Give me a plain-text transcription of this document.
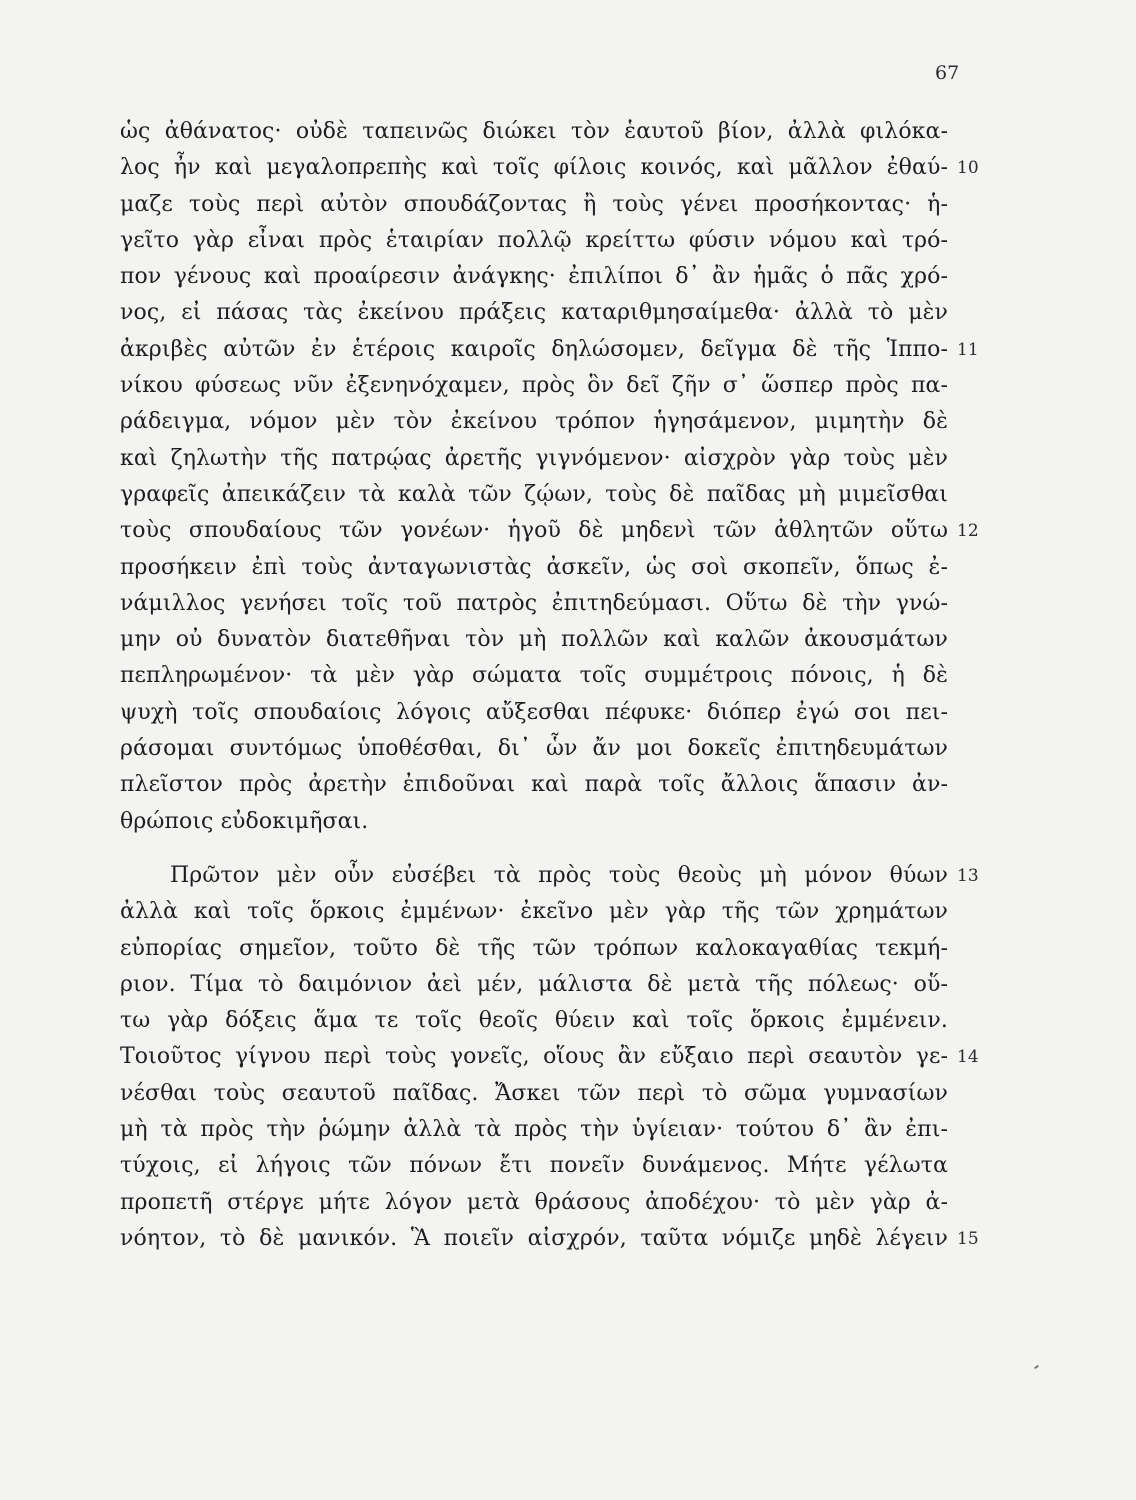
67
ὡς ἀθάνατος· οὐδὲ ταπεινῶς διώκει τὸν ἑαυτοῦ βίον, ἀλλὰ φιλόκα-
λος ἦν καὶ μεγαλοπρεπὴς καὶ τοῖς φίλοις κοινός, καὶ μᾶλλον ἐθαύ- 10
μαζε τοὺς περὶ αὐτὸν σπουδάζοντας ἢ τοὺς γένει προσήκοντας· ἡ-
γεῖτο γὰρ εἶναι πρὸς ἑταιρίαν πολλῷ κρείττω φύσιν νόμου καὶ τρό-
πον γένους καὶ προαίρεσιν ἀνάγκης· ἐπιλίποι δ᾽ ἂν ἡμᾶς ὁ πᾶς χρό-
νος, εἰ πάσας τὰς ἐκείνου πράξεις καταριθμησαίμεθα· ἀλλὰ τὸ μὲν
ἀκριβὲς αὐτῶν ἐν ἑτέροις καιροῖς δηλώσομεν, δεῖγμα δὲ τῆς Ἱππο- 11
νίκου φύσεως νῦν ἐξενηνόχαμεν, πρὸς ὃν δεῖ ζῆν σ᾽ ὥσπερ πρὸς πα-
ράδειγμα, νόμον μὲν τὸν ἐκείνου τρόπον ἡγησάμενον, μιμητὴν δὲ
καὶ ζηλωτὴν τῆς πατρῴας ἀρετῆς γιγνόμενον· αἰσχρὸν γὰρ τοὺς μὲν
γραφεῖς ἀπεικάζειν τὰ καλὰ τῶν ζῴων, τοὺς δὲ παῖδας μὴ μιμεῖσθαι
τοὺς σπουδαίους τῶν γονέων· ἡγοῦ δὲ μηδενὶ τῶν ἀθλητῶν οὕτω 12
προσήκειν ἐπὶ τοὺς ἀνταγωνιστὰς ἀσκεῖν, ὡς σοὶ σκοπεῖν, ὅπως ἐ-
νάμιλλος γενήσει τοῖς τοῦ πατρὸς ἐπιτηδεύμασι. Οὕτω δὲ τὴν γνώ-
μην οὐ δυνατὸν διατεθῆναι τὸν μὴ πολλῶν καὶ καλῶν ἀκουσμάτων
πεπληρωμένον· τὰ μὲν γὰρ σώματα τοῖς συμμέτροις πόνοις, ἡ δὲ
ψυχὴ τοῖς σπουδαίοις λόγοις αὔξεσθαι πέφυκε· διόπερ ἐγώ σοι πει-
ράσομαι συντόμως ὑποθέσθαι, δι᾽ ὧν ἄν μοι δοκεῖς ἐπιτηδευμάτων
πλεῖστον πρὸς ἀρετὴν ἐπιδοῦναι καὶ παρὰ τοῖς ἄλλοις ἅπασιν ἀν-
θρώποις εὐδοκιμῆσαι.
Πρῶτον μὲν οὖν εὐσέβει τὰ πρὸς τοὺς θεοὺς μὴ μόνον θύων 13
ἀλλὰ καὶ τοῖς ὅρκοις ἐμμένων· ἐκεῖνο μὲν γὰρ τῆς τῶν χρημάτων
εὐπορίας σημεῖον, τοῦτο δὲ τῆς τῶν τρόπων καλοκαγαθίας τεκμή-
ριον. Τίμα τὸ δαιμόνιον ἀεὶ μέν, μάλιστα δὲ μετὰ τῆς πόλεως· οὕ-
τω γὰρ δόξεις ἅμα τε τοῖς θεοῖς θύειν καὶ τοῖς ὅρκοις ἐμμένειν.
Τοιοῦτος γίγνου περὶ τοὺς γονεῖς, οἵους ἂν εὔξαιο περὶ σεαυτὸν γε- 14
νέσθαι τοὺς σεαυτοῦ παῖδας. Ἄσκει τῶν περὶ τὸ σῶμα γυμνασίων
μὴ τὰ πρὸς τὴν ῥώμην ἀλλὰ τὰ πρὸς τὴν ὑγίειαν· τούτου δ᾽ ἂν ἐπι-
τύχοις, εἰ λήγοις τῶν πόνων ἔτι πονεῖν δυνάμενος. Μήτε γέλωτα
προπετῆ στέργε μήτε λόγον μετὰ θράσους ἀποδέχου· τὸ μὲν γὰρ ἀ-
νόητον, τὸ δὲ μανικόν. Ἃ ποιεῖν αἰσχρόν, ταῦτα νόμιζε μηδὲ λέγειν 15
